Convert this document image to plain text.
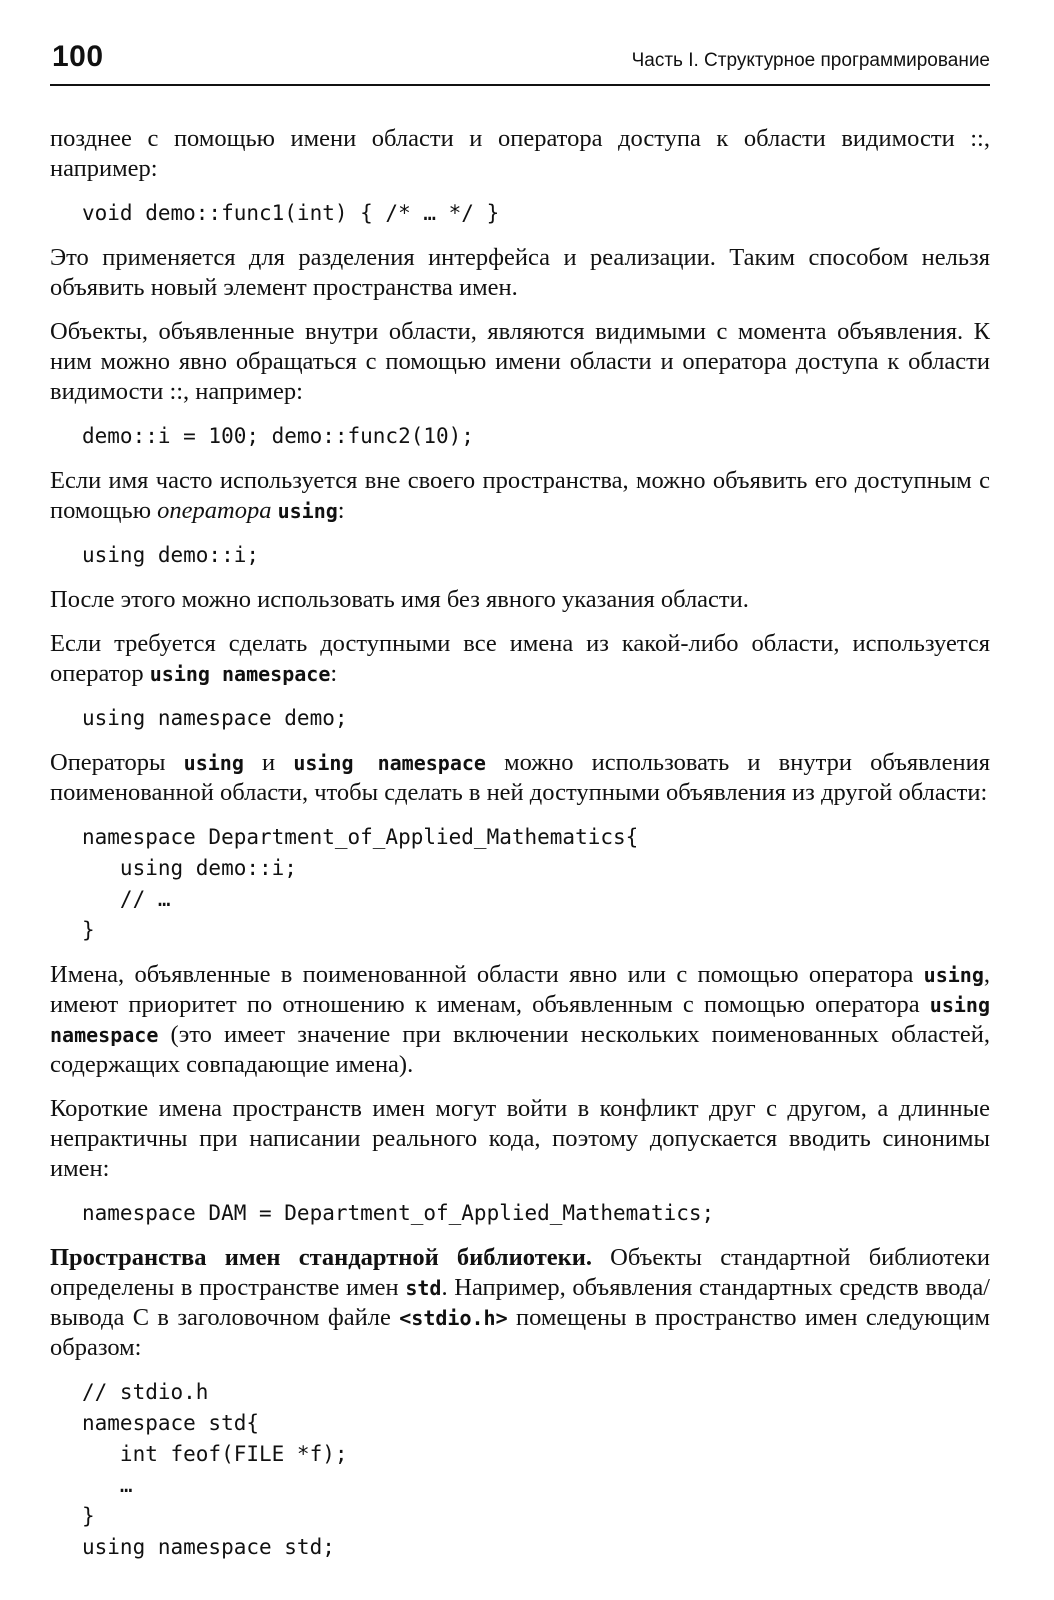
100	Часть I. Структурное программирование

позднее с помощью имени области и оператора доступа к области видимости ::, например:

void demo::func1(int) { /* … */ }

Это применяется для разделения интерфейса и реализации. Таким способом нельзя объявить новый элемент пространства имен.

Объекты, объявленные внутри области, являются видимыми с момента объявления. К ним можно явно обращаться с помощью имени области и оператора доступа к области видимости ::, например:

demo::i = 100; demo::func2(10);

Если имя часто используется вне своего пространства, можно объявить его доступным с помощью оператора using:

using demo::i;

После этого можно использовать имя без явного указания области.

Если требуется сделать доступными все имена из какой-либо области, используется оператор using namespace:

using namespace demo;

Операторы using и using namespace можно использовать и внутри объявления поименованной области, чтобы сделать в ней доступными объявления из другой области:

namespace Department_of_Applied_Mathematics{
using demo::i;
// …
}

Имена, объявленные в поименованной области явно или с помощью оператора using, имеют приоритет по отношению к именам, объявленным с помощью оператора using namespace (это имеет значение при включении нескольких поименованных областей, содержащих совпадающие имена).

Короткие имена пространств имен могут войти в конфликт друг с другом, а длинные непрактичны при написании реального кода, поэтому допускается вводить синонимы имен:

namespace DAM = Department_of_Applied_Mathematics;

Пространства имен стандартной библиотеки. Объекты стандартной библиотеки определены в пространстве имен std. Например, объявления стандартных средств ввода/вывода С в заголовочном файле <stdio.h> помещены в пространство имен следующим образом:

// stdio.h
namespace std{
int feof(FILE *f);
…
}
using namespace std;
